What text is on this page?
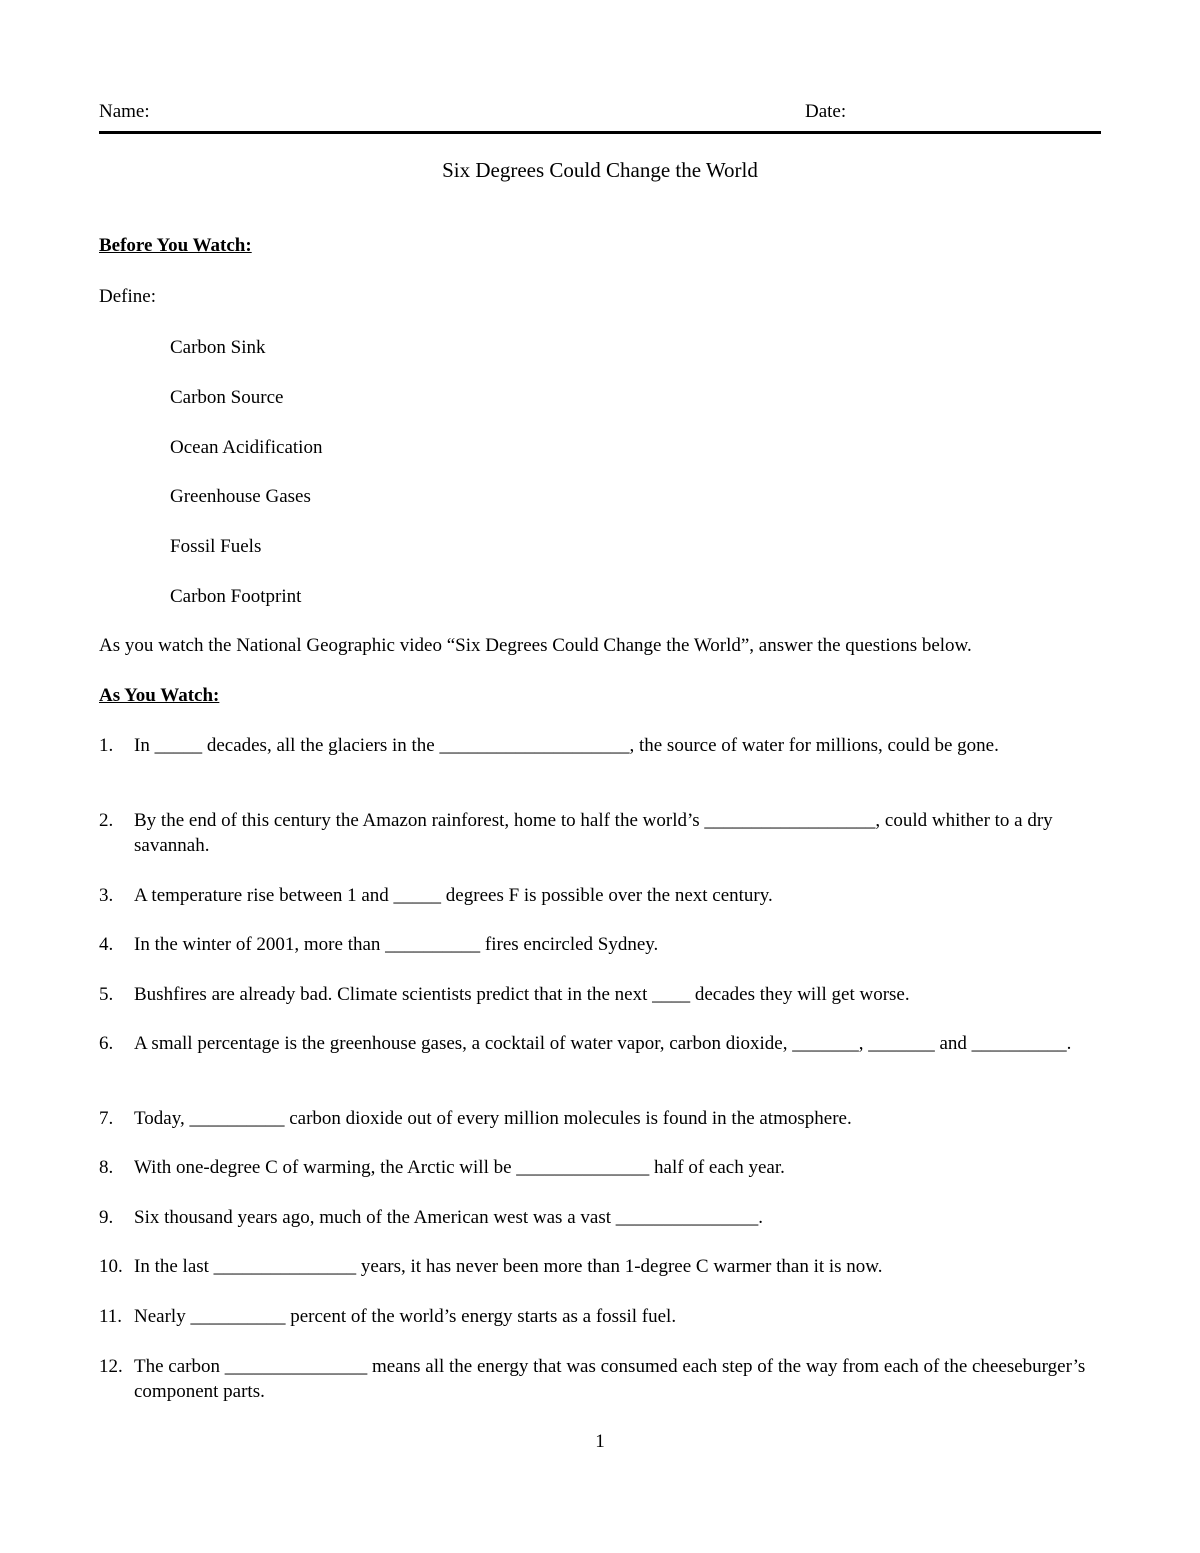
Name:	Date:
Six Degrees Could Change the World
Before You Watch:
Define:
Carbon Sink
Carbon Source
Ocean Acidification
Greenhouse Gases
Fossil Fuels
Carbon Footprint
As you watch the National Geographic video “Six Degrees Could Change the World”, answer the questions below.
As You Watch:
1. In _____ decades, all the glaciers in the ____________________, the source of water for millions, could be gone.
2. By the end of this century the Amazon rainforest, home to half the world’s __________________, could whither to a dry savannah.
3. A temperature rise between 1 and _____ degrees F is possible over the next century.
4. In the winter of 2001, more than __________ fires encircled Sydney.
5. Bushfires are already bad. Climate scientists predict that in the next ____ decades they will get worse.
6. A small percentage is the greenhouse gases, a cocktail of water vapor, carbon dioxide, _______, _______ and __________.
7. Today, __________ carbon dioxide out of every million molecules is found in the atmosphere.
8. With one-degree C of warming, the Arctic will be ______________ half of each year.
9. Six thousand years ago, much of the American west was a vast _______________.
10. In the last _______________ years, it has never been more than 1-degree C warmer than it is now.
11. Nearly __________ percent of the world’s energy starts as a fossil fuel.
12. The carbon _______________ means all the energy that was consumed each step of the way from each of the cheeseburger’s component parts.
1
